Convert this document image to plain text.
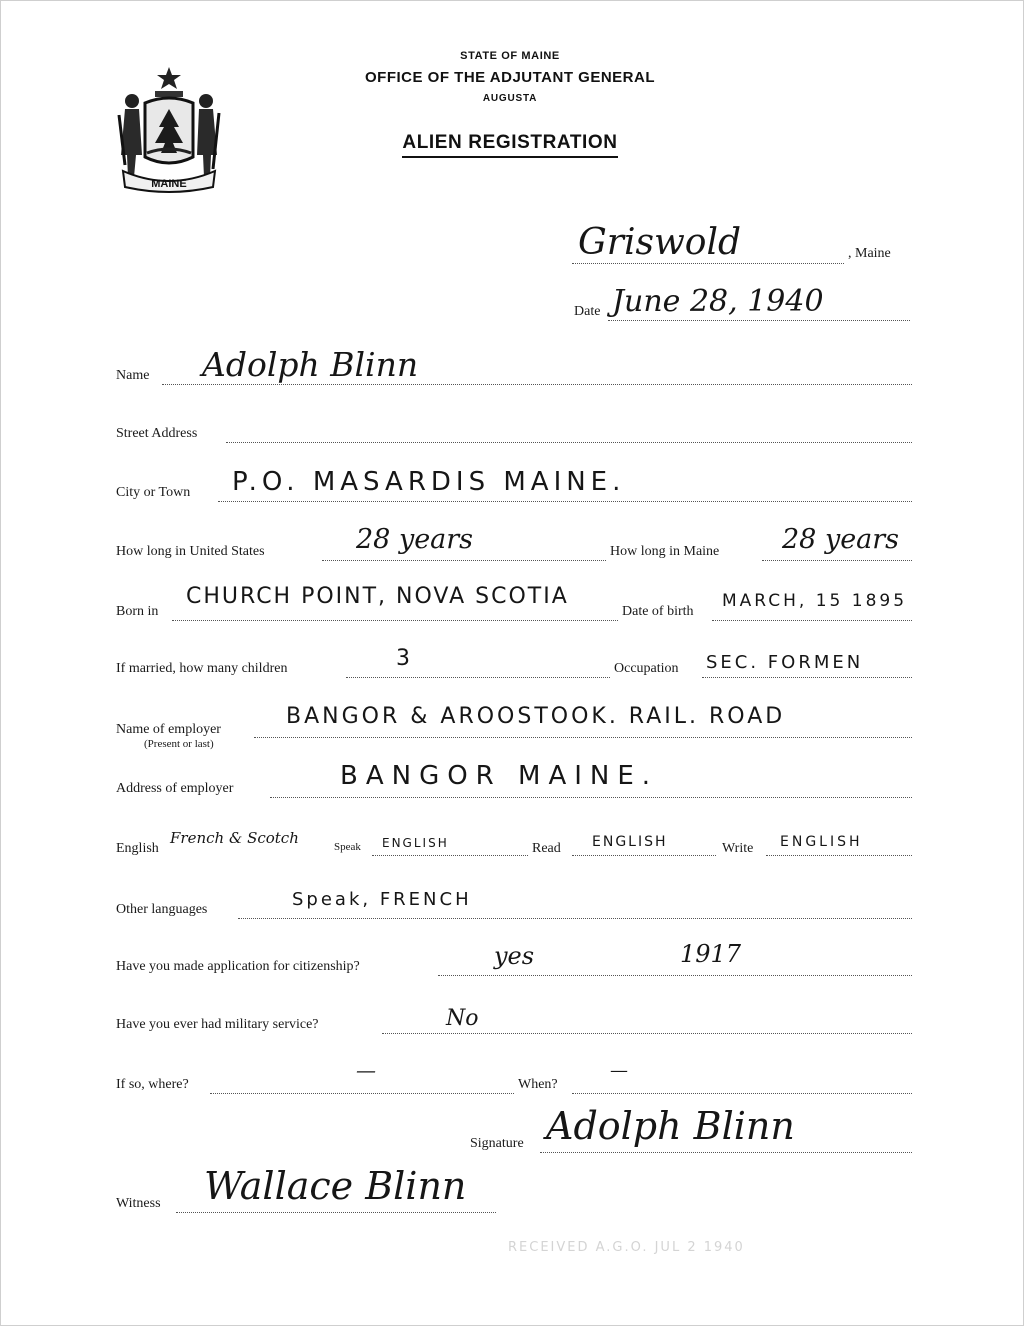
MAINE
STATE OF MAINE
OFFICE OF THE ADJUTANT GENERAL
AUGUSTA
ALIEN REGISTRATION
Griswold	, Maine
Date June 28, 1940
Name Adolph Blinn
Street Address
City or Town P.O. MASARDIS MAINE.
How long in United States	28 years	How long in Maine 28 years
Born in
CHURCH POINT, NOVA SCOTIA
Date of birth
MARCH, 15 1895
If married, how many children	3	Occupation SEC. FORMEN
Name of employer
(Present or last)
BANGOR & AROOSTOOK. RAIL. ROAD
Address of employer	BANGOR MAINE.
English
French & Scotch	Speak ENGLISH	Read ENGLISH	Write ENGLISH
Other languages	Speak, FRENCH
Have you made application for citizenship?	yes	1917
Have you ever had military service?	No
If so, where?
—
When?
—
Signature Adolph Blinn
Witness Wallace Blinn
RECEIVED A.G.O. JUL 2 1940
